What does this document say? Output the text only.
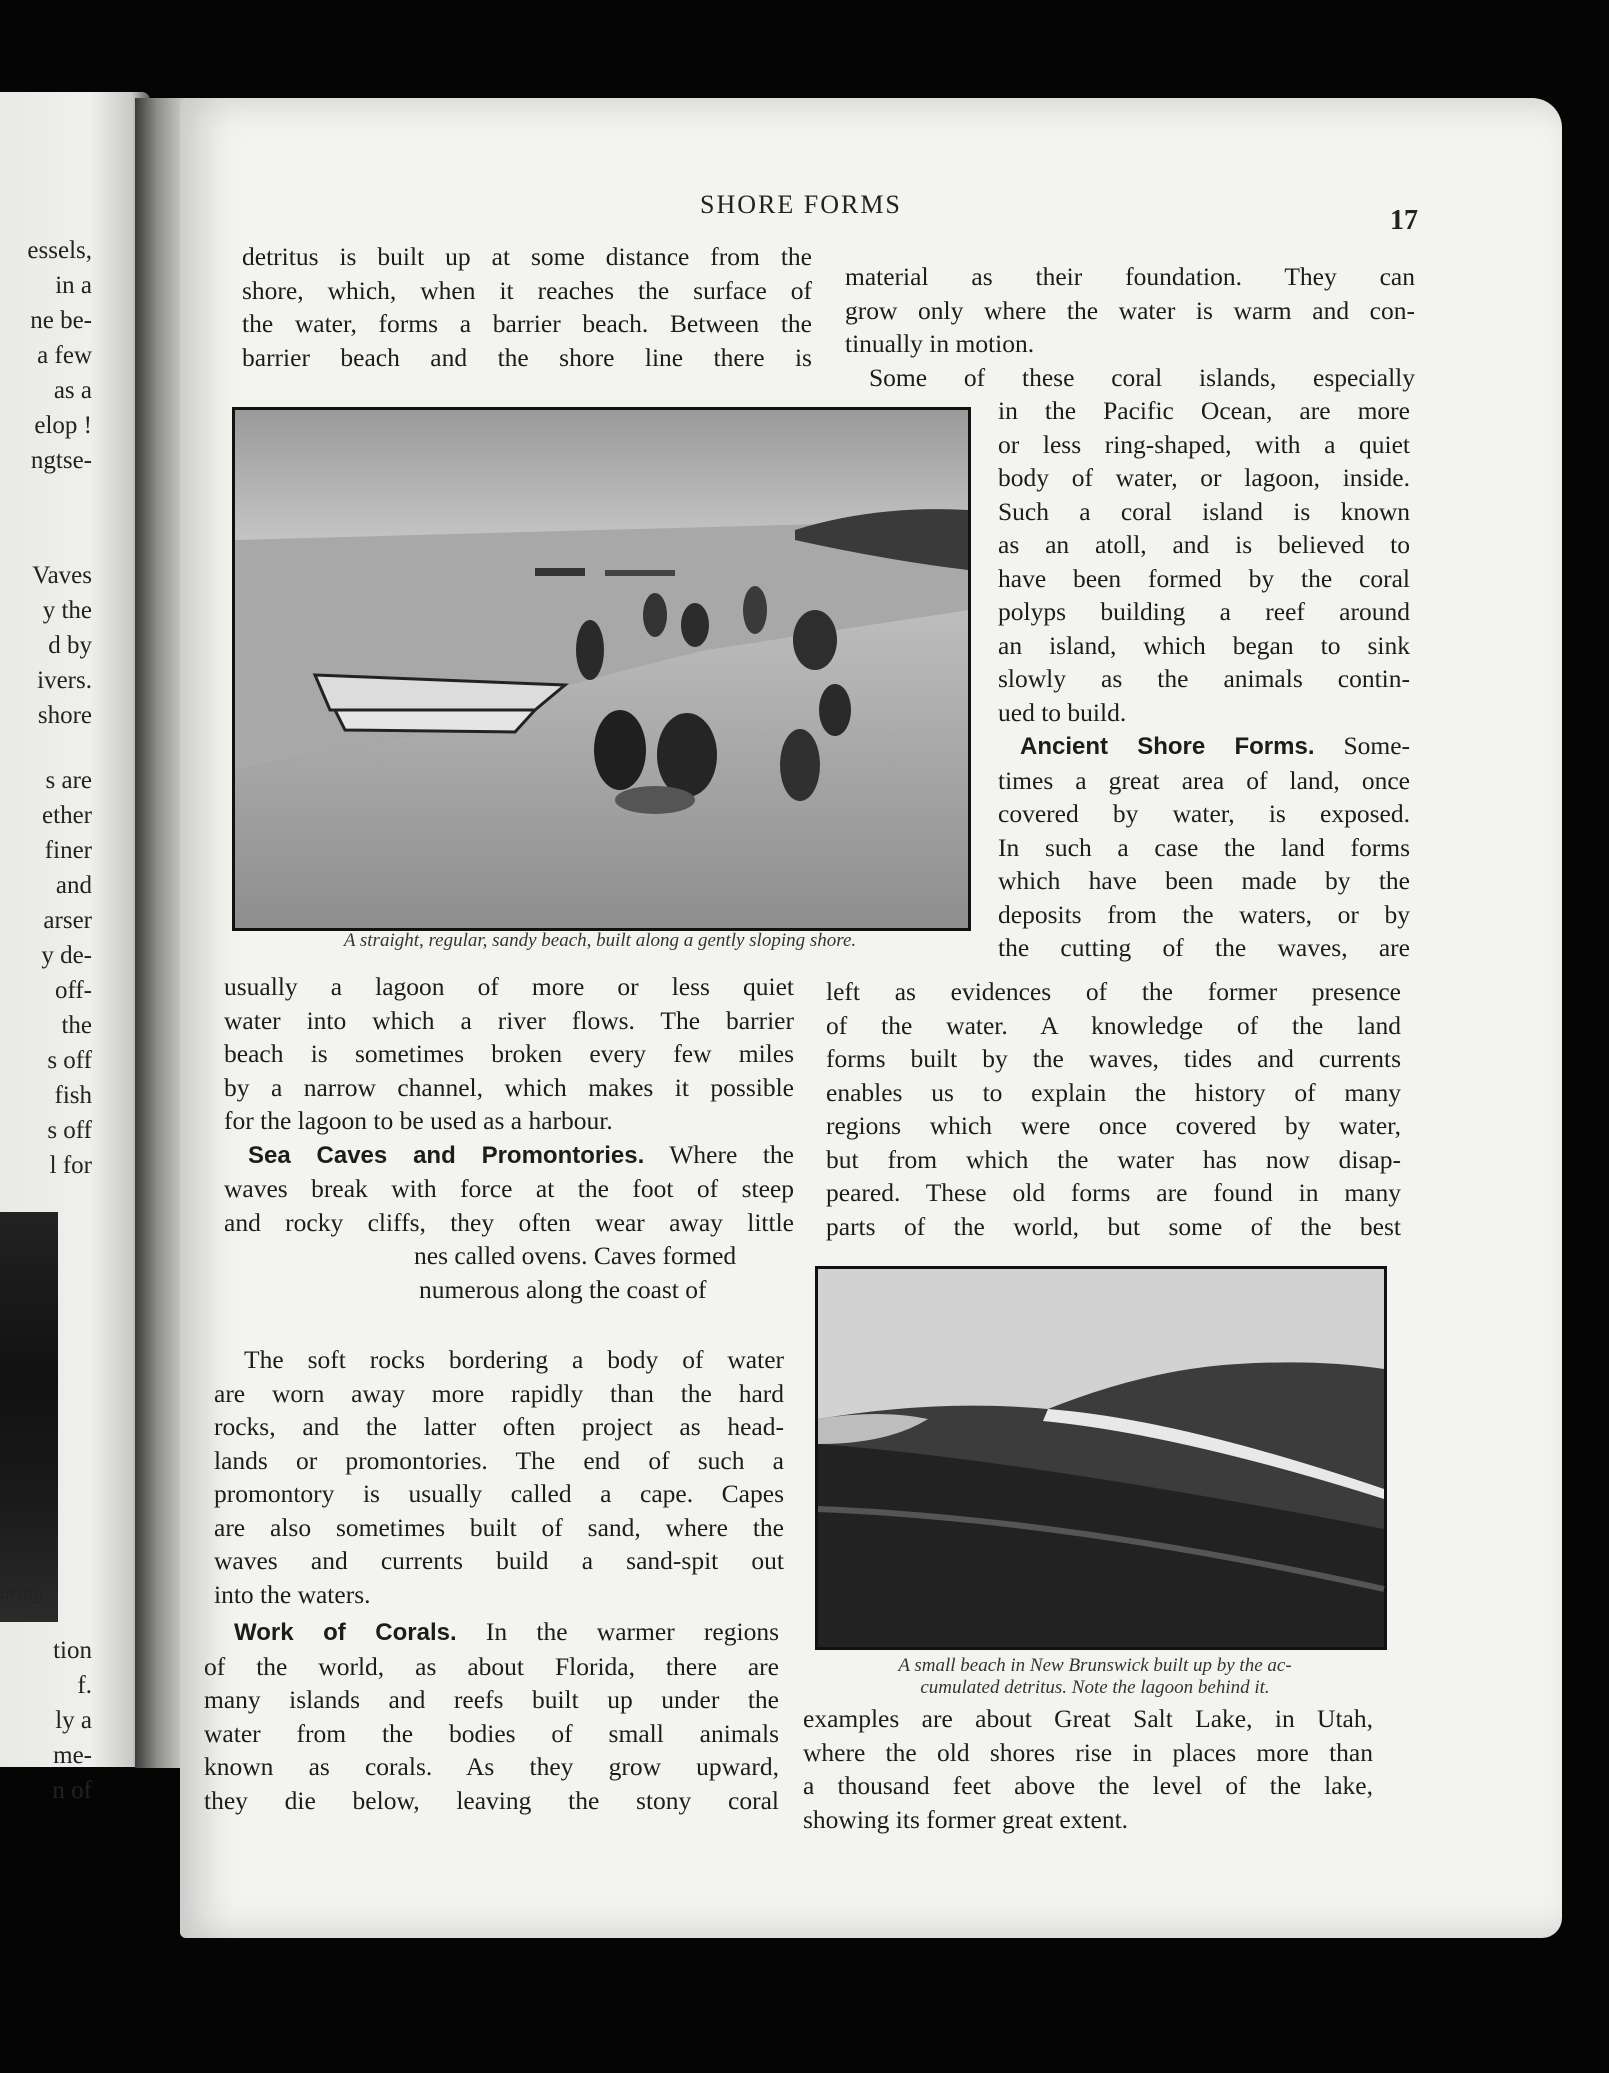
essels,
in a
ne be-
a few
as a
elop !
ngtse-
Vaves
y the
d by
ivers.
shore
s are
ether
finer
and
arser
y de-
off-
the
s off
fish
s off
l for
tion
f.
ly a
me-
n of
aring
SHORE FORMS
17
detritus is built up at some distance from the
shore, which, when it reaches the surface of
the water, forms a barrier beach. Between the
barrier beach and the shore line there is
A straight, regular, sandy beach, built along a gently sloping shore.
usually a lagoon of more or less quiet
water into which a river flows. The barrier
beach is sometimes broken every few miles
by a narrow channel, which makes it possible
for the lagoon to be used as a harbour.
Sea Caves and Promontories. Where the
waves break with force at the foot of steep
and rocky cliffs, they often wear away little
nes called ovens. Caves formed
numerous along the coast of
The soft rocks bordering a body of water
are worn away more rapidly than the hard
rocks, and the latter often project as head-
lands or promontories. The end of such a
promontory is usually called a cape. Capes
are also sometimes built of sand, where the
waves and currents build a sand-spit out
into the waters.
Work of Corals. In the warmer regions
of the world, as about Florida, there are
many islands and reefs built up under the
water from the bodies of small animals
known as corals. As they grow upward,
they die below, leaving the stony coral
material as their foundation. They can
grow only where the water is warm and con-
tinually in motion.
Some of these coral islands, especially
in the Pacific Ocean, are more
or less ring-shaped, with a quiet
body of water, or lagoon, inside.
Such a coral island is known
as an atoll, and is believed to
have been formed by the coral
polyps building a reef around
an island, which began to sink
slowly as the animals contin-
ued to build.
Ancient Shore Forms. Some-
times a great area of land, once
covered by water, is exposed.
In such a case the land forms
which have been made by the
deposits from the waters, or by
the cutting of the waves, are
left as evidences of the former presence
of the water. A knowledge of the land
forms built by the waves, tides and currents
enables us to explain the history of many
regions which were once covered by water,
but from which the water has now disap-
peared. These old forms are found in many
parts of the world, but some of the best
A small beach in New Brunswick built up by the ac-
cumulated detritus. Note the lagoon behind it.
examples are about Great Salt Lake, in Utah,
where the old shores rise in places more than
a thousand feet above the level of the lake,
showing its former great extent.
